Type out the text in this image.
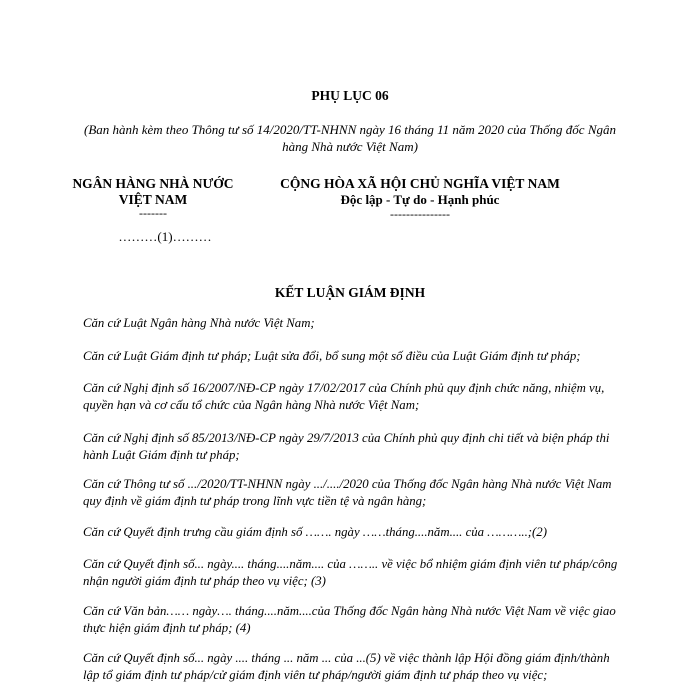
PHỤ LỤC 06
(Ban hành kèm theo Thông tư số 14/2020/TT-NHNN ngày 16 tháng 11 năm 2020 của Thống đốc Ngân hàng Nhà nước Việt Nam)
NGÂN HÀNG NHÀ NƯỚC VIỆT NAM
-------
………(1)………
CỘNG HÒA XÃ HỘI CHỦ NGHĨA VIỆT NAM
Độc lập - Tự do - Hạnh phúc
---------------
KẾT LUẬN GIÁM ĐỊNH

Căn cứ Luật Ngân hàng Nhà nước Việt Nam;

Căn cứ Luật Giám định tư pháp; Luật sửa đổi, bổ sung một số điều của Luật Giám định tư pháp;

Căn cứ Nghị định số 16/2007/NĐ-CP ngày 17/02/2017 của Chính phủ quy định chức năng, nhiệm vụ, quyền hạn và cơ cấu tổ chức của Ngân hàng Nhà nước Việt Nam;

Căn cứ Nghị định số 85/2013/NĐ-CP ngày 29/7/2013 của Chính phủ quy định chi tiết và biện pháp thi hành Luật Giám định tư pháp;

Căn cứ Thông tư số .../2020/TT-NHNN ngày .../..../2020 của Thống đốc Ngân hàng Nhà nước Việt Nam quy định về giám định tư pháp trong lĩnh vực tiền tệ và ngân hàng;

Căn cứ Quyết định trưng cầu giám định số ……. ngày ……tháng....năm.... của ………..;(2)

Căn cứ Quyết định số... ngày.... tháng....năm.... của …….. về việc bổ nhiệm giám định viên tư pháp/công nhận người giám định tư pháp theo vụ việc; (3)

Căn cứ Văn bản…… ngày…. tháng....năm....của Thống đốc Ngân hàng Nhà nước Việt Nam về việc giao thực hiện giám định tư pháp; (4)

Căn cứ Quyết định số... ngày .... tháng ... năm ... của ...(5) về việc thành lập Hội đồng giám định/thành lập tổ giám định tư pháp/cử giám định viên tư pháp/người giám định tư pháp theo vụ việc;
